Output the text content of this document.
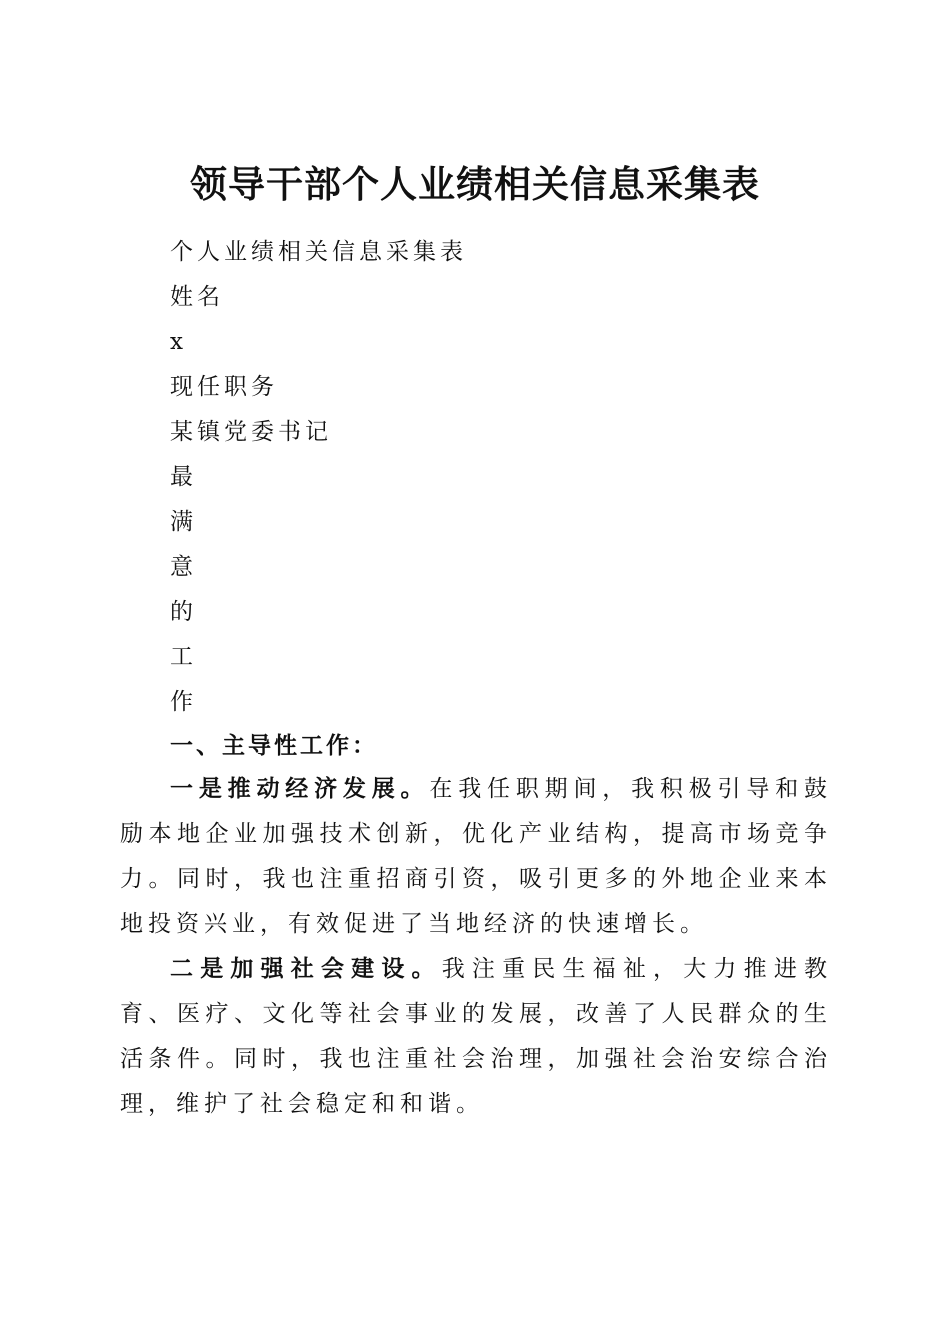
领导干部个人业绩相关信息采集表
个人业绩相关信息采集表
姓名
x
现任职务
某镇党委书记
最
满
意
的
工
作
一、主导性工作：

一是推动经济发展。在我任职期间，我积极引导和鼓励本地企业加强技术创新，优化产业结构，提高市场竞争力。同时，我也注重招商引资，吸引更多的外地企业来本地投资兴业，有效促进了当地经济的快速增长。

二是加强社会建设。我注重民生福祉，大力推进教育、医疗、文化等社会事业的发展，改善了人民群众的生活条件。同时，我也注重社会治理，加强社会治安综合治理，维护了社会稳定和和谐。
